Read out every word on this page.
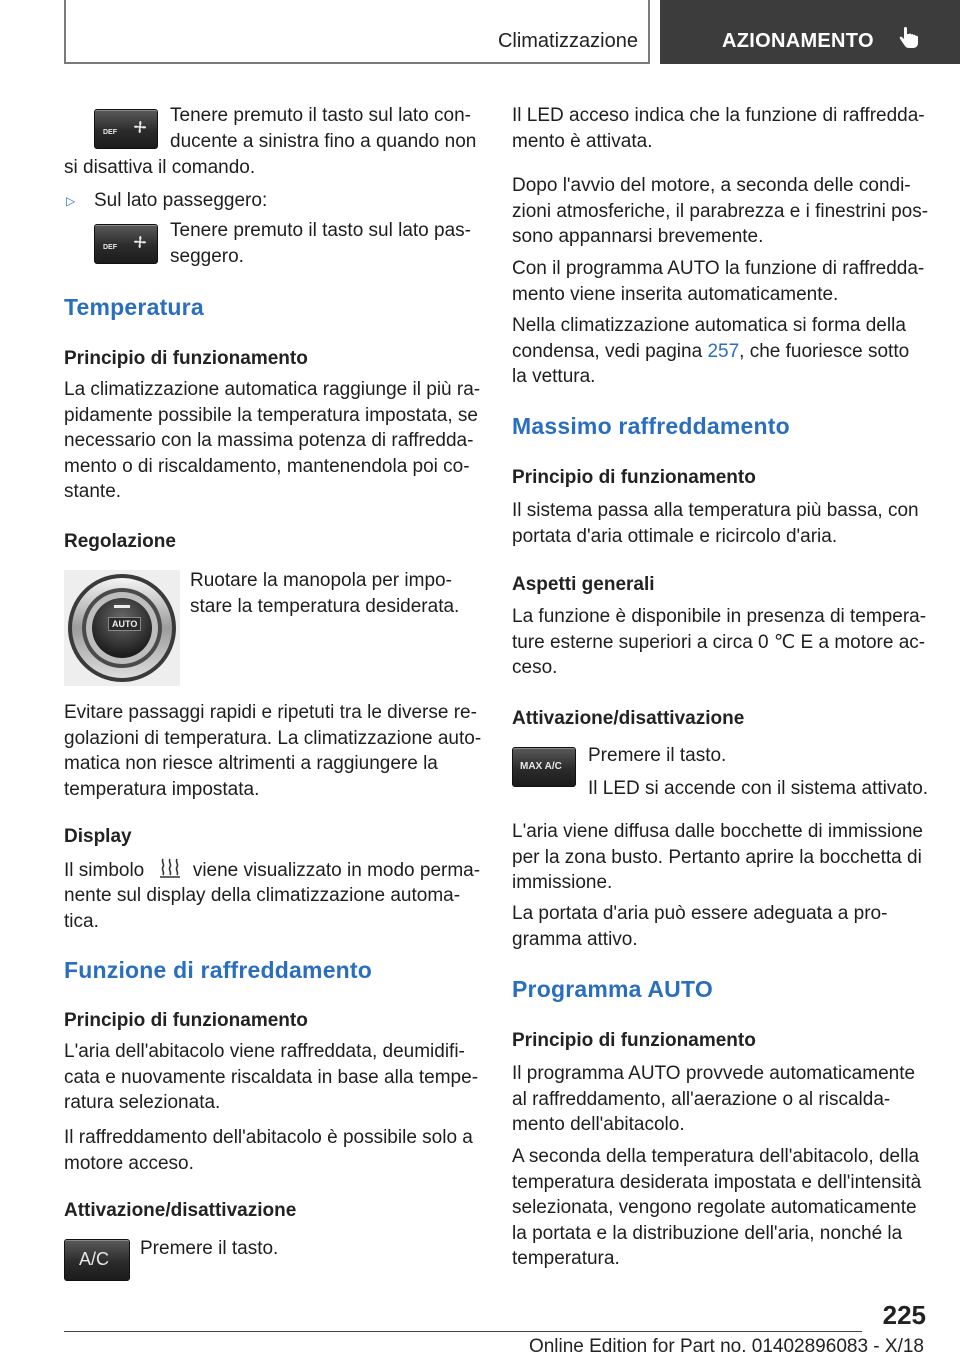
Climatizzazione	AZIONAMENTO
DEF
Tenere premuto il tasto sul lato con-
ducente a sinistra fino a quando non
si disattiva il comando.
▷ Sul lato passeggero:
DEF
Tenere premuto il tasto sul lato pas-
seggero.
Temperatura
Principio di funzionamento
La climatizzazione automatica raggiunge il più ra-
pidamente possibile la temperatura impostata, se
necessario con la massima potenza di raffredda-
mento o di riscaldamento, mantenendola poi co-
stante.
Regolazione
AUTO
Ruotare la manopola per impo-
stare la temperatura desiderata.
Evitare passaggi rapidi e ripetuti tra le diverse re-
golazioni di temperatura. La climatizzazione auto-
matica non riesce altrimenti a raggiungere la
temperatura impostata.
Display
Il simbolo	viene visualizzato in modo perma-
nente sul display della climatizzazione automa-
tica.
Funzione di raffreddamento
Principio di funzionamento
L'aria dell'abitacolo viene raffreddata, deumidifi-
cata e nuovamente riscaldata in base alla tempe-
ratura selezionata.
Il raffreddamento dell'abitacolo è possibile solo a
motore acceso.
Attivazione/disattivazione
A/C Premere il tasto.
Il LED acceso indica che la funzione di raffredda-
mento è attivata.
Dopo l'avvio del motore, a seconda delle condi-
zioni atmosferiche, il parabrezza e i finestrini pos-
sono appannarsi brevemente.
Con il programma AUTO la funzione di raffredda-
mento viene inserita automaticamente.
Nella climatizzazione automatica si forma della
condensa, vedi pagina 257, che fuoriesce sotto
la vettura.
Massimo raffreddamento
Principio di funzionamento
Il sistema passa alla temperatura più bassa, con
portata d'aria ottimale e ricircolo d'aria.
Aspetti generali
La funzione è disponibile in presenza di tempera-
ture esterne superiori a circa 0 ℃ E a motore ac-
ceso.
Attivazione/disattivazione
MAX A/C
Premere il tasto.
Il LED si accende con il sistema attivato.
L'aria viene diffusa dalle bocchette di immissione
per la zona busto. Pertanto aprire la bocchetta di
immissione.
La portata d'aria può essere adeguata a pro-
gramma attivo.
Programma AUTO
Principio di funzionamento
Il programma AUTO provvede automaticamente
al raffreddamento, all'aerazione o al riscalda-
mento dell'abitacolo.
A seconda della temperatura dell'abitacolo, della
temperatura desiderata impostata e dell'intensità
selezionata, vengono regolate automaticamente
la portata e la distribuzione dell'aria, nonché la
temperatura.
225
Online Edition for Part no. 01402896083 - X/18
